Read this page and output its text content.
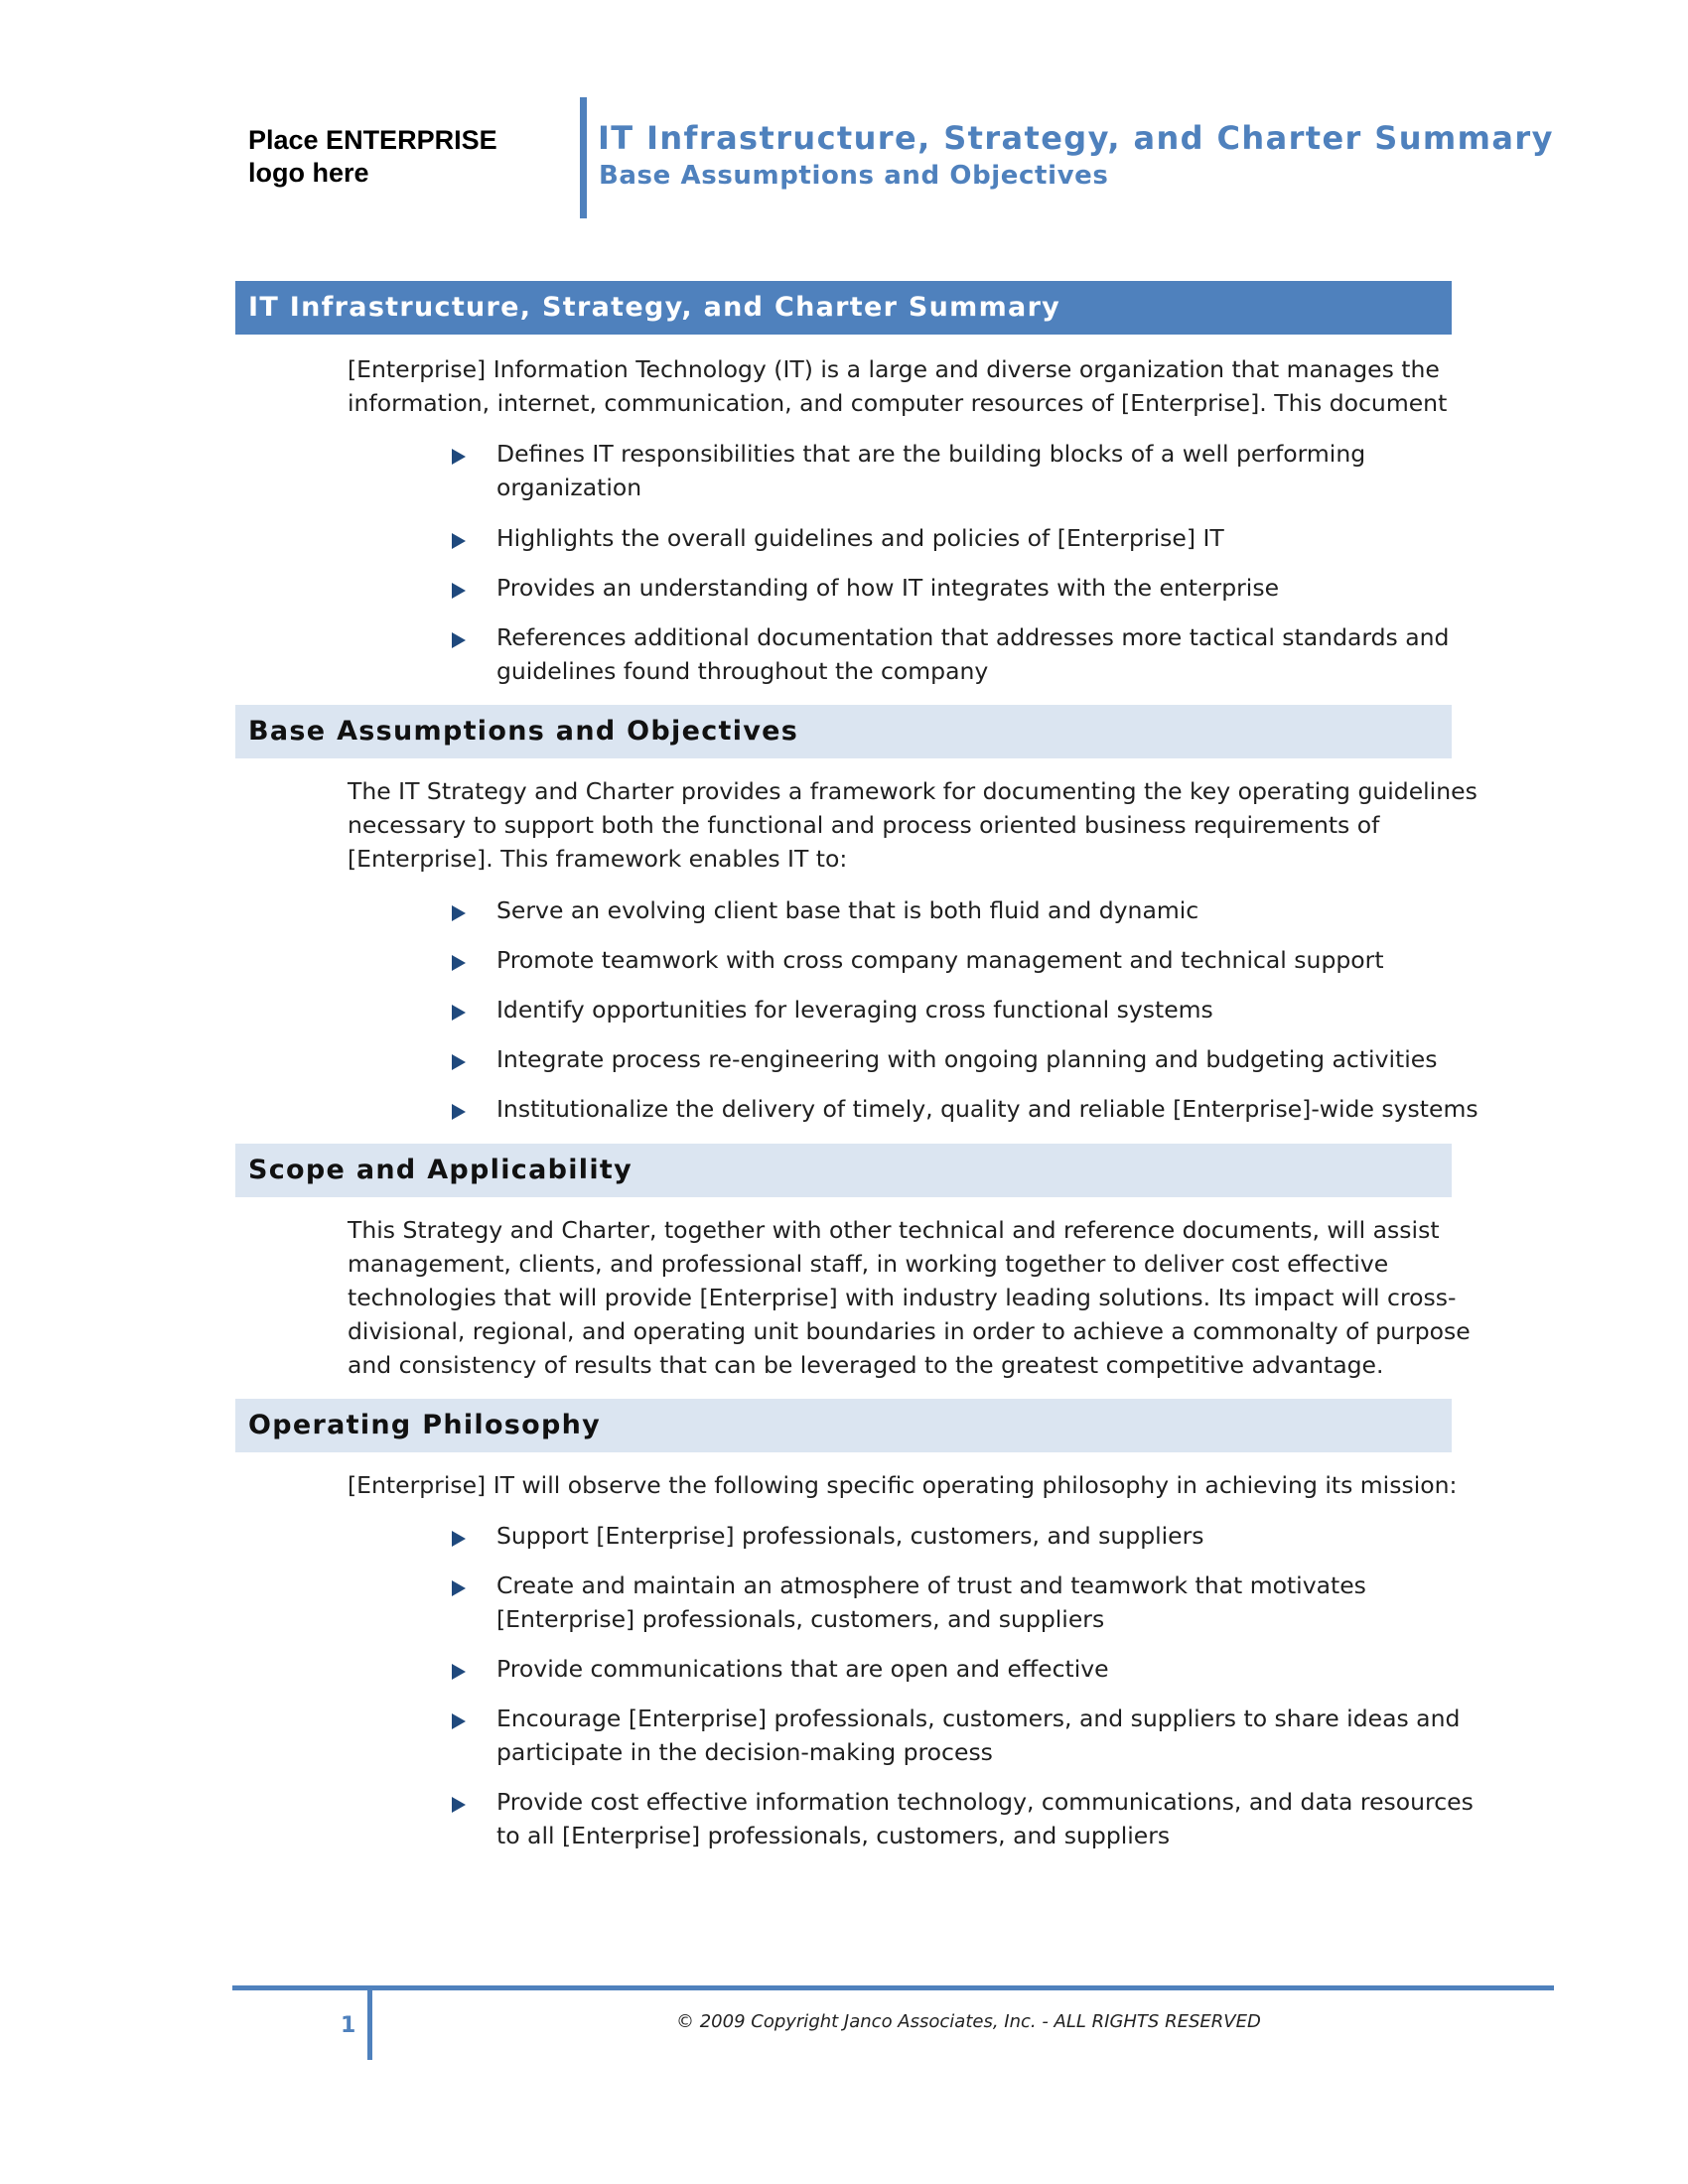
Place ENTERPRISE
logo here
IT Infrastructure, Strategy, and Charter Summary
Base Assumptions and Objectives
IT Infrastructure, Strategy, and Charter Summary
[Enterprise] Information Technology (IT) is a large and diverse organization that manages the
information, internet, communication, and computer resources of [Enterprise]. This document
Defines IT responsibilities that are the building blocks of a well performing
organization
Highlights the overall guidelines and policies of [Enterprise] IT
Provides an understanding of how IT integrates with the enterprise
References additional documentation that addresses more tactical standards and
guidelines found throughout the company
Base Assumptions and Objectives
The IT Strategy and Charter provides a framework for documenting the key operating guidelines
necessary to support both the functional and process oriented business requirements of
[Enterprise]. This framework enables IT to:
Serve an evolving client base that is both fluid and dynamic
Promote teamwork with cross company management and technical support
Identify opportunities for leveraging cross functional systems
Integrate process re-engineering with ongoing planning and budgeting activities
Institutionalize the delivery of timely, quality and reliable [Enterprise]-wide systems
Scope and Applicability
This Strategy and Charter, together with other technical and reference documents, will assist
management, clients, and professional staff, in working together to deliver cost effective
technologies that will provide [Enterprise] with industry leading solutions. Its impact will cross-
divisional, regional, and operating unit boundaries in order to achieve a commonalty of purpose
and consistency of results that can be leveraged to the greatest competitive advantage.
Operating Philosophy
[Enterprise] IT will observe the following specific operating philosophy in achieving its mission:
Support [Enterprise] professionals, customers, and suppliers
Create and maintain an atmosphere of trust and teamwork that motivates
[Enterprise] professionals, customers, and suppliers
Provide communications that are open and effective
Encourage [Enterprise] professionals, customers, and suppliers to share ideas and
participate in the decision-making process
Provide cost effective information technology, communications, and data resources
to all [Enterprise] professionals, customers, and suppliers
1	© 2009 Copyright Janco Associates, Inc. - ALL RIGHTS RESERVED
